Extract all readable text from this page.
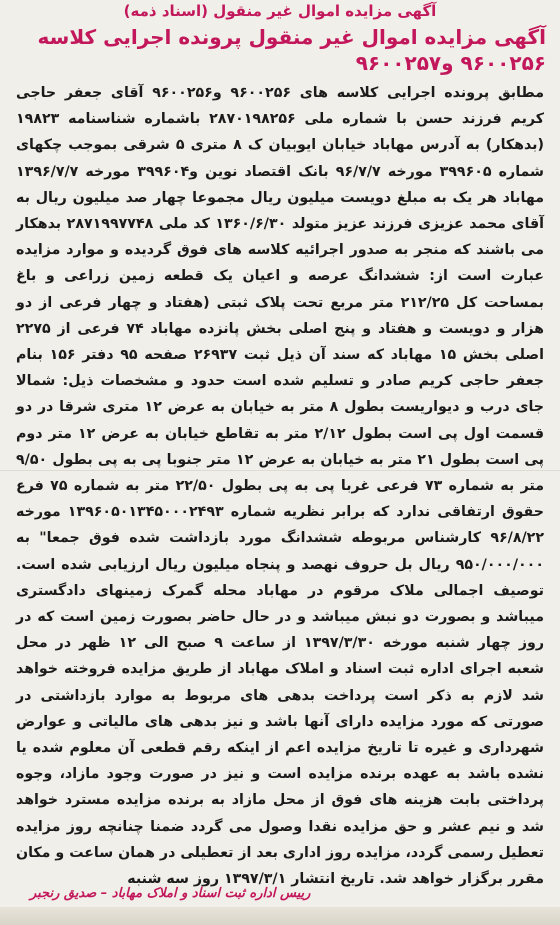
آگهی مزایده اموال غیر منقول (اسناد ذمه)
آگهی مزایده اموال غیر منقول پرونده اجرایی کلاسه ۹۶۰۰۲۵۶ و۹۶۰۰۲۵۷
مطابق پرونده اجرایی کلاسه های ۹۶۰۰۲۵۶ و۹۶۰۰۲۵۶ آقای جعفر حاجی کریم فرزند حسن با شماره ملی ۲۸۷۰۱۹۸۲۵۶ باشماره شناسنامه ۱۹۸۲۳ (بدهکار) به آدرس مهاباد خیابان ایوبیان ک ۸ متری ۵ شرقی بموجب چکهای شماره ۳۹۹۶۰۵ مورخه ۹۶/۷/۷ بانک اقتصاد نوین و۳۹۹۶۰۴ مورخه ۱۳۹۶/۷/۷ مهاباد هر یک به مبلغ دویست میلیون ریال مجموعا چهار صد میلیون ریال به آقای محمد عزیزی فرزند عزیز متولد ۱۳۶۰/۶/۳۰ کد ملی ۲۸۷۱۹۹۷۷۴۸ بدهکار می باشند که منجر به صدور اجرائیه کلاسه های فوق گردیده و موارد مزایده عبارت است از: ششدانگ عرصه و اعیان یک قطعه زمین زراعی و باغ بمساحت کل ۲۱۲/۲۵ متر مربع تحت پلاک ثبتی (هفتاد و چهار فرعی از دو هزار و دویست و هفتاد و پنج اصلی بخش پانزده مهاباد ۷۴ فرعی از ۲۲۷۵ اصلی بخش ۱۵ مهاباد که سند آن ذیل ثبت ۲۶۹۳۷ صفحه ۹۵ دفتر ۱۵۶ بنام جعفر حاجی کریم صادر و تسلیم شده است حدود و مشخصات ذیل: شمالا جای درب و دیواریست بطول ۸ متر به خیابان به عرض ۱۲ متری شرقا در دو قسمت اول پی است بطول ۲/۱۲ متر به تقاطع خیابان به عرض ۱۲ متر دوم پی است بطول ۲۱ متر به خیابان به عرض ۱۲ متر جنوبا پی به پی بطول ۹/۵۰ متر به شماره ۷۳ فرعی غربا پی به پی بطول ۲۲/۵۰ متر به شماره ۷۵ فرع حقوق ارتفاقی ندارد که برابر نظریه شماره ۱۳۹۶۰۵۰۱۳۴۵۰۰۰۲۴۹۳ مورخه ۹۶/۸/۲۲ کارشناس مربوطه ششدانگ مورد بازداشت شده فوق جمعا" به ۹۵۰/۰۰۰/۰۰۰ ریال بل حروف نهصد و پنجاه میلیون ریال ارزیابی شده است. توصیف اجمالی ملاک مرقوم در مهاباد محله گمرک زمینهای دادگستری میباشد و بصورت دو نبش میباشد و در حال حاضر بصورت زمین است که در روز چهار شنبه مورخه ۱۳۹۷/۳/۳۰ از ساعت ۹ صبح الی ۱۲ ظهر در محل شعبه اجرای اداره ثبت اسناد و املاک مهاباد از طریق مزایده فروخته خواهد شد لازم به ذکر است پرداخت بدهی های مربوط به موارد بازداشتی در صورتی که مورد مزایده دارای آنها باشد و نیز بدهی های مالیاتی و عوارض شهرداری و غیره تا تاریخ مزایده اعم از اینکه رقم قطعی آن معلوم شده یا نشده باشد به عهده برنده مزایده است و نیز در صورت وجود مازاد، وجوه پرداختی بابت هزینه های فوق از محل مازاد به برنده مزایده مسترد خواهد شد و نیم عشر و حق مزایده نقدا وصول می گردد ضمنا چنانچه روز مزایده تعطیل رسمی گردد، مزایده روز اداری بعد از تعطیلی در همان ساعت و مکان مقرر برگزار خواهد شد. تاریخ انتشار ۱۳۹۷/۳/۱ روز سه شنبه
رییس اداره ثبت اسناد و املاک مهاباد – صدیق رنجبر
